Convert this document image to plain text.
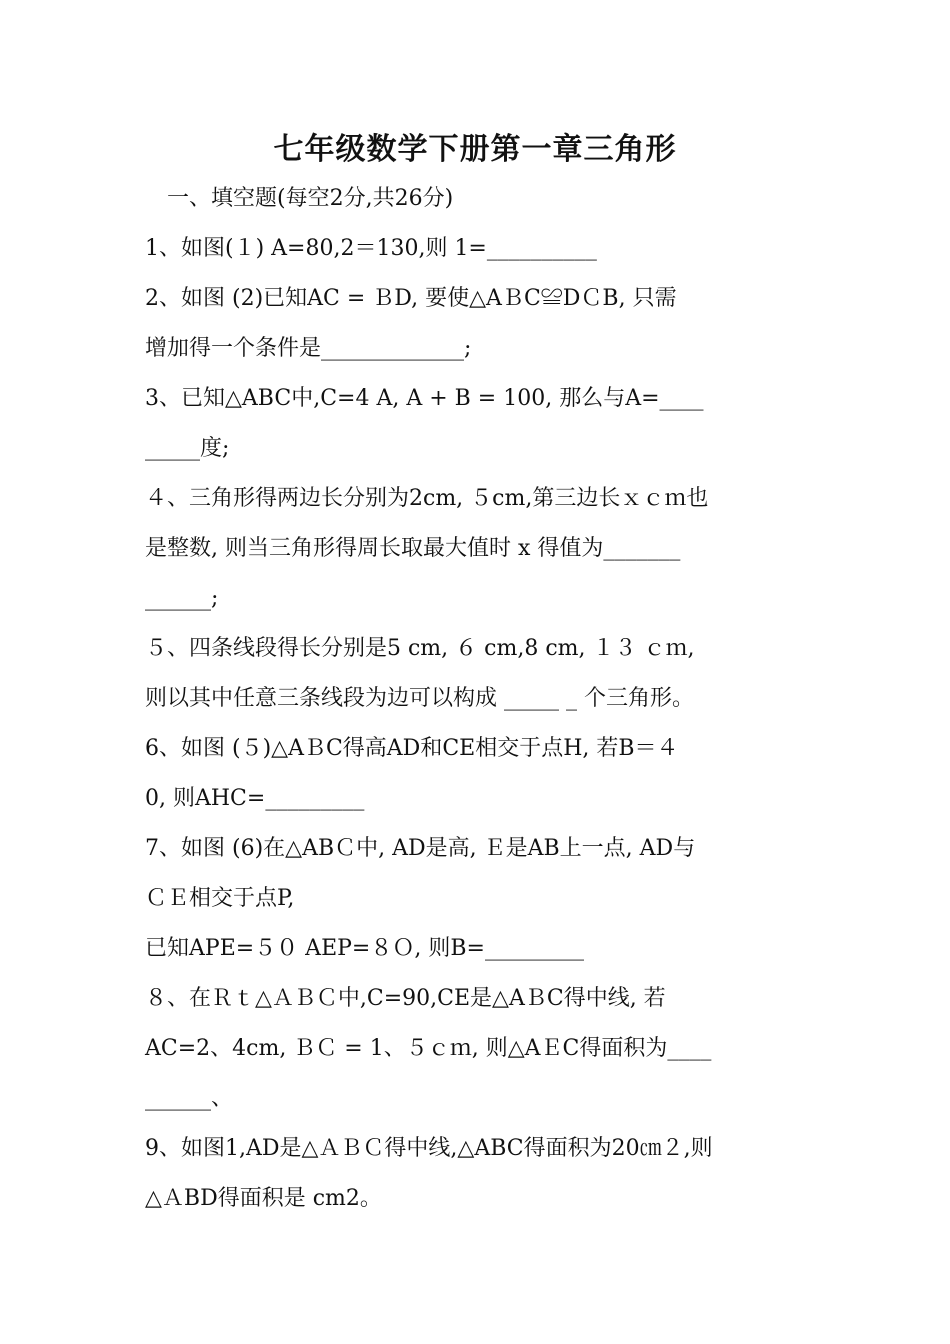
七年级数学下册第一章三角形
　一、填空题(每空2分,共26分)
1、如图(１) A=80,2＝130,则 1=__________
2、如图 (2)已知AC = ＢD, 要使△AＢC≌DＣB, 只需
增加得一个条件是_____________;
3、已知△ABC中,C=4 A, A + B = 100, 那么与A=____
_____度;
４、三角形得两边长分别为2cm, ５cm,第三边长ｘｃｍ也
是整数, 则当三角形得周长取最大值时 x 得值为_______
______;
５、四条线段得长分别是5 cm, ６ cm,8 cm, １３ ｃｍ,
则以其中任意三条线段为边可以构成 _____ _ 个三角形。
6、如图 (５)△AＢC得高AD和CE相交于点H, 若B＝４
0, 则AHC=_________
7、如图 (6)在△ABＣ中, AD是高, Ｅ是AB上一点, AD与
ＣＥ相交于点P,
已知APE=５０ AEP=８Ｏ, 则B=_________
８、在Ｒｔ△ＡＢＣ中,C=90,CE是△AＢC得中线, 若
AC=2、4cm, ＢＣ = 1、５ｃｍ, 则△AＥC得面积为____
______、
9、如图1,AD是△ＡＢＣ得中线,△ABC得面积为20㎝２,则
△ＡBD得面积是 cm2。
